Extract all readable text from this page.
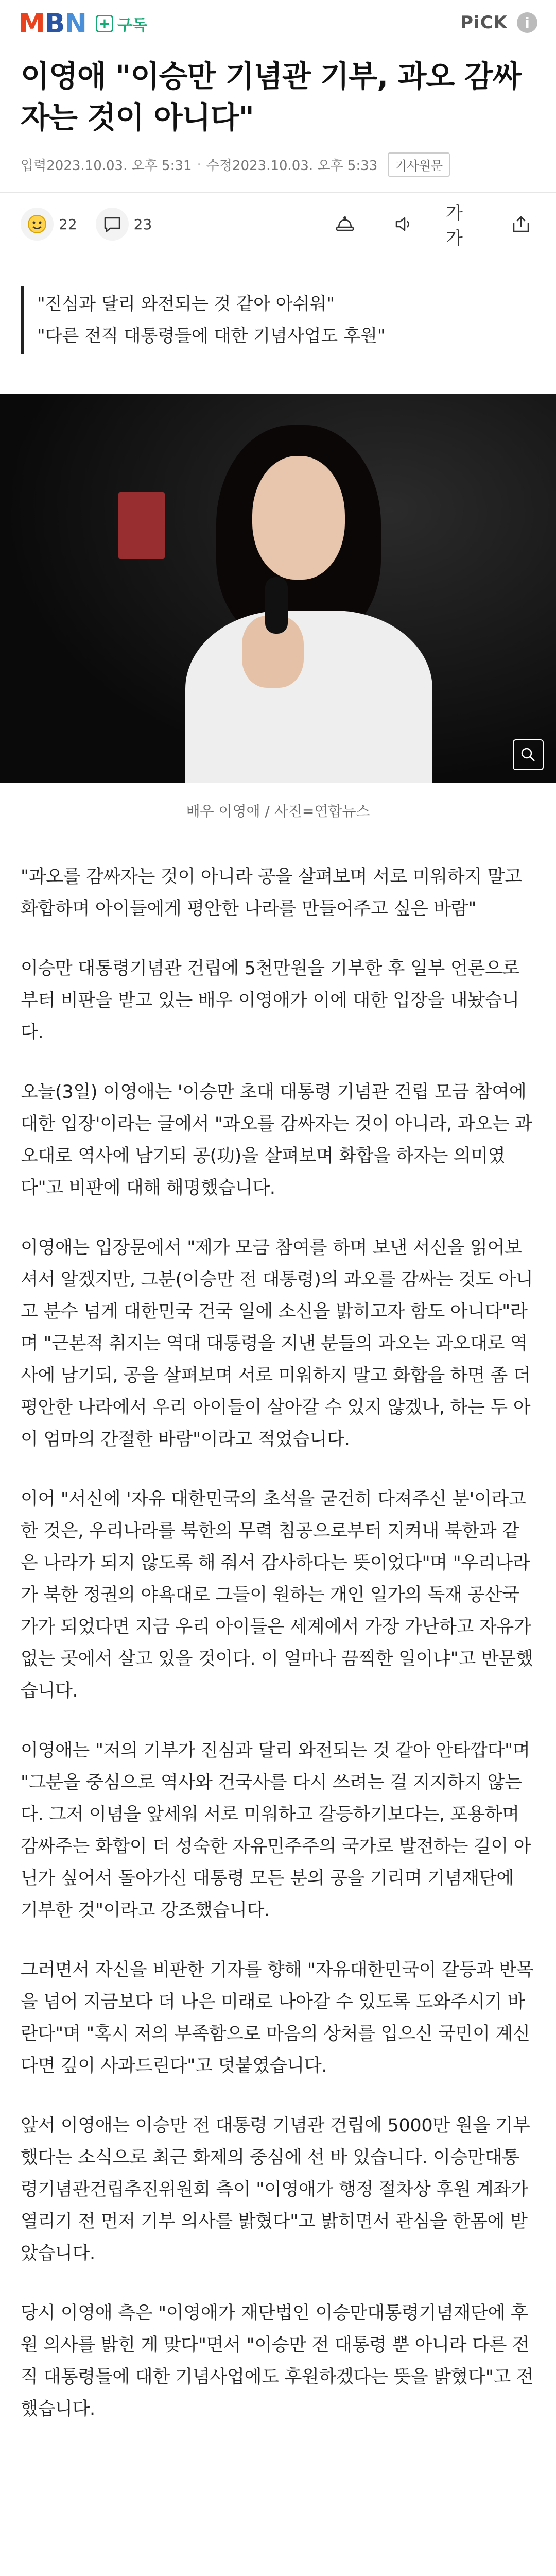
M B N + 구독	PiCK	i
이영애 "이승만 기념관 기부, 과오 감싸자는 것이 아니다"
입력2023.10.03. 오후 5:31 · 수정2023.10.03. 오후 5:33	기사원문
22	23
가가

"진심과 달리 와전되는 것 같아 아쉬워"

"다른 전직 대통령들에 대한 기념사업도 후원"

배우 이영애 / 사진=연합뉴스

"과오를 감싸자는 것이 아니라 공을 살펴보며 서로 미워하지 말고 화합하며 아이들에게 평안한 나라를 만들어주고 싶은 바람"

이승만 대통령기념관 건립에 5천만원을 기부한 후 일부 언론으로부터 비판을 받고 있는 배우 이영애가 이에 대한 입장을 내놨습니다.

오늘(3일) 이영애는 '이승만 초대 대통령 기념관 건립 모금 참여에 대한 입장'이라는 글에서 "과오를 감싸자는 것이 아니라, 과오는 과오대로 역사에 남기되 공(功)을 살펴보며 화합을 하자는 의미였다"고 비판에 대해 해명했습니다.

이영애는 입장문에서 "제가 모금 참여를 하며 보낸 서신을 읽어보셔서 알겠지만, 그분(이승만 전 대통령)의 과오를 감싸는 것도 아니고 분수 넘게 대한민국 건국 일에 소신을 밝히고자 함도 아니다"라며 "근본적 취지는 역대 대통령을 지낸 분들의 과오는 과오대로 역사에 남기되, 공을 살펴보며 서로 미워하지 말고 화합을 하면 좀 더 평안한 나라에서 우리 아이들이 살아갈 수 있지 않겠나, 하는 두 아이 엄마의 간절한 바람"이라고 적었습니다.

이어 "서신에 '자유 대한민국의 초석을 굳건히 다져주신 분'이라고 한 것은, 우리나라를 북한의 무력 침공으로부터 지켜내 북한과 같은 나라가 되지 않도록 해 줘서 감사하다는 뜻이었다"며 "우리나라가 북한 정권의 야욕대로 그들이 원하는 개인 일가의 독재 공산국가가 되었다면 지금 우리 아이들은 세계에서 가장 가난하고 자유가 없는 곳에서 살고 있을 것이다. 이 얼마나 끔찍한 일이냐"고 반문했습니다.

이영애는 "저의 기부가 진심과 달리 와전되는 것 같아 안타깝다"며 "그분을 중심으로 역사와 건국사를 다시 쓰려는 걸 지지하지 않는다. 그저 이념을 앞세워 서로 미워하고 갈등하기보다는, 포용하며 감싸주는 화합이 더 성숙한 자유민주주의 국가로 발전하는 길이 아닌가 싶어서 돌아가신 대통령 모든 분의 공을 기리며 기념재단에 기부한 것"이라고 강조했습니다.

그러면서 자신을 비판한 기자를 향해 "자유대한민국이 갈등과 반목을 넘어 지금보다 더 나은 미래로 나아갈 수 있도록 도와주시기 바란다"며 "혹시 저의 부족함으로 마음의 상처를 입으신 국민이 계신다면 깊이 사과드린다"고 덧붙였습니다.

앞서 이영애는 이승만 전 대통령 기념관 건립에 5000만 원을 기부했다는 소식으로 최근 화제의 중심에 선 바 있습니다. 이승만대통령기념관건립추진위원회 측이 "이영애가 행정 절차상 후원 계좌가 열리기 전 먼저 기부 의사를 밝혔다"고 밝히면서 관심을 한몸에 받았습니다.

당시 이영애 측은 "이영애가 재단법인 이승만대통령기념재단에 후원 의사를 밝힌 게 맞다"면서 "이승만 전 대통령 뿐 아니라 다른 전직 대통령들에 대한 기념사업에도 후원하겠다는 뜻을 밝혔다"고 전했습니다.
